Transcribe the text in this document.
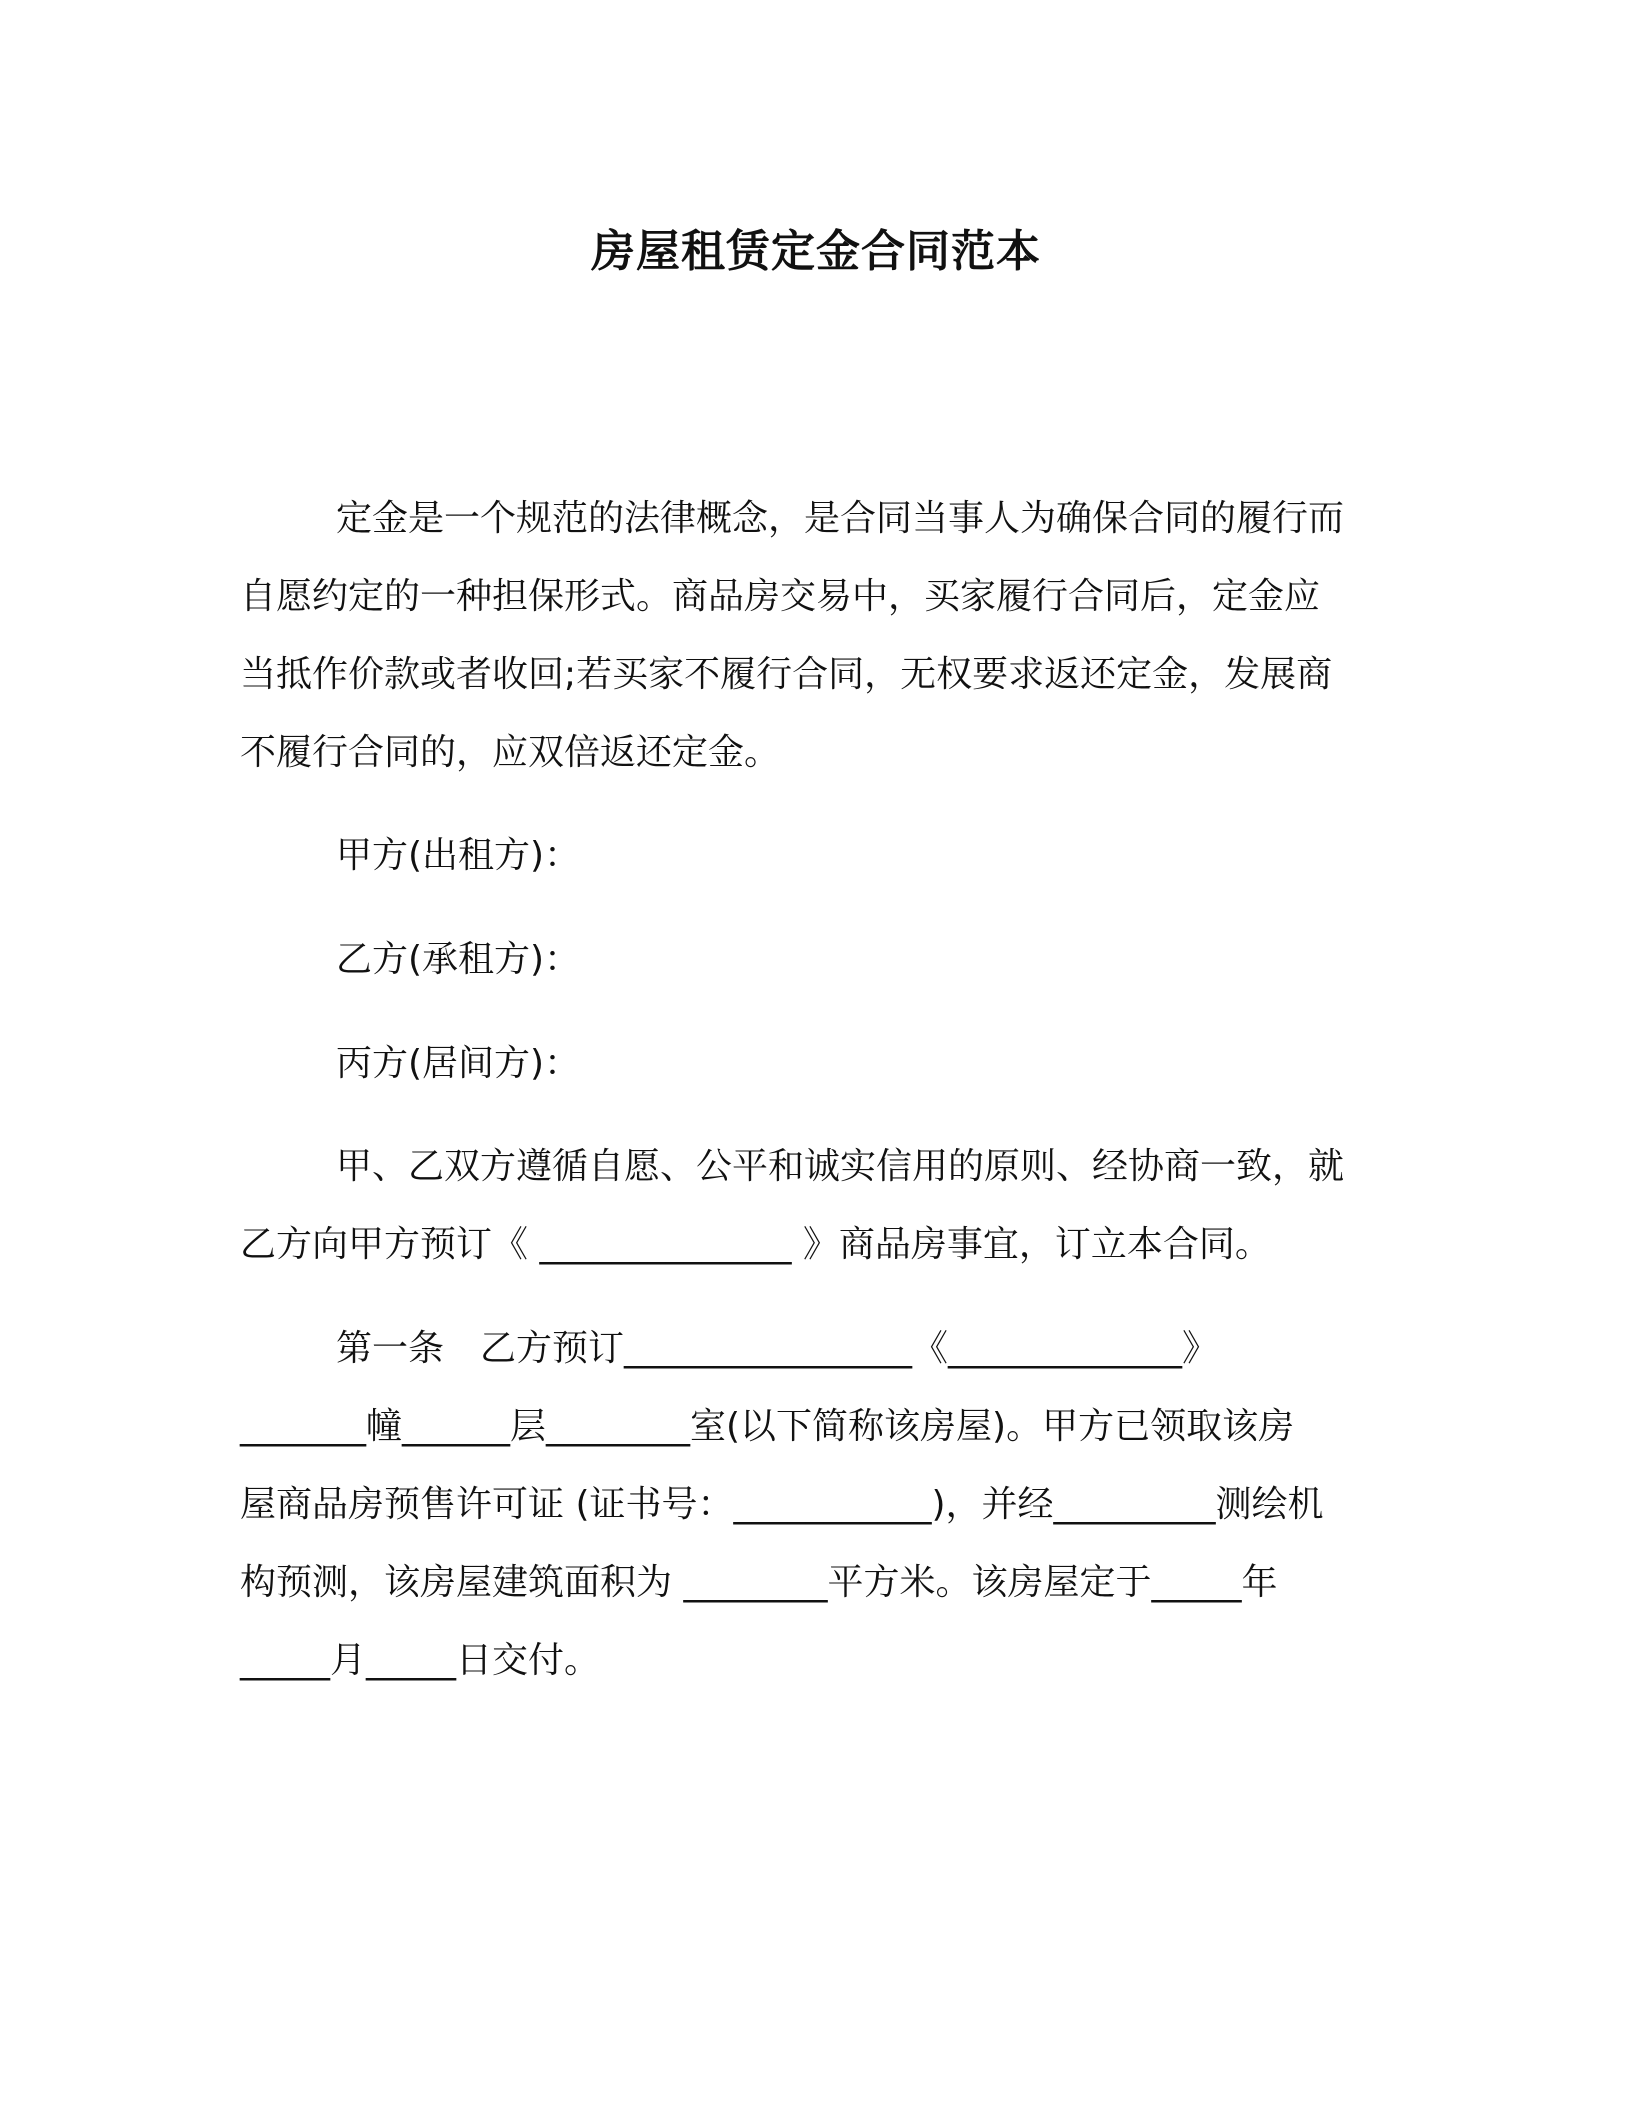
房屋租赁定金合同范本
定金是一个规范的法律概念，是合同当事人为确保合同的履行而
自愿约定的一种担保形式。商品房交易中，买家履行合同后，定金应
当抵作价款或者收回;若买家不履行合同，无权要求返还定金，发展商
不履行合同的，应双倍返还定金。
甲方(出租方)：
乙方(承租方)：
丙方(居间方)：
甲、乙双方遵循自愿、公平和诚实信用的原则、经协商一致，就
乙方向甲方预订《 ______________ 》商品房事宜，订立本合同。
第一条　乙方预订________________《_____________》
_______幢______层________室(以下简称该房屋)。甲方已领取该房
屋商品房预售许可证 (证书号：___________)，并经_________测绘机
构预测，该房屋建筑面积为 ________平方米。该房屋定于_____年
_____月_____日交付。
